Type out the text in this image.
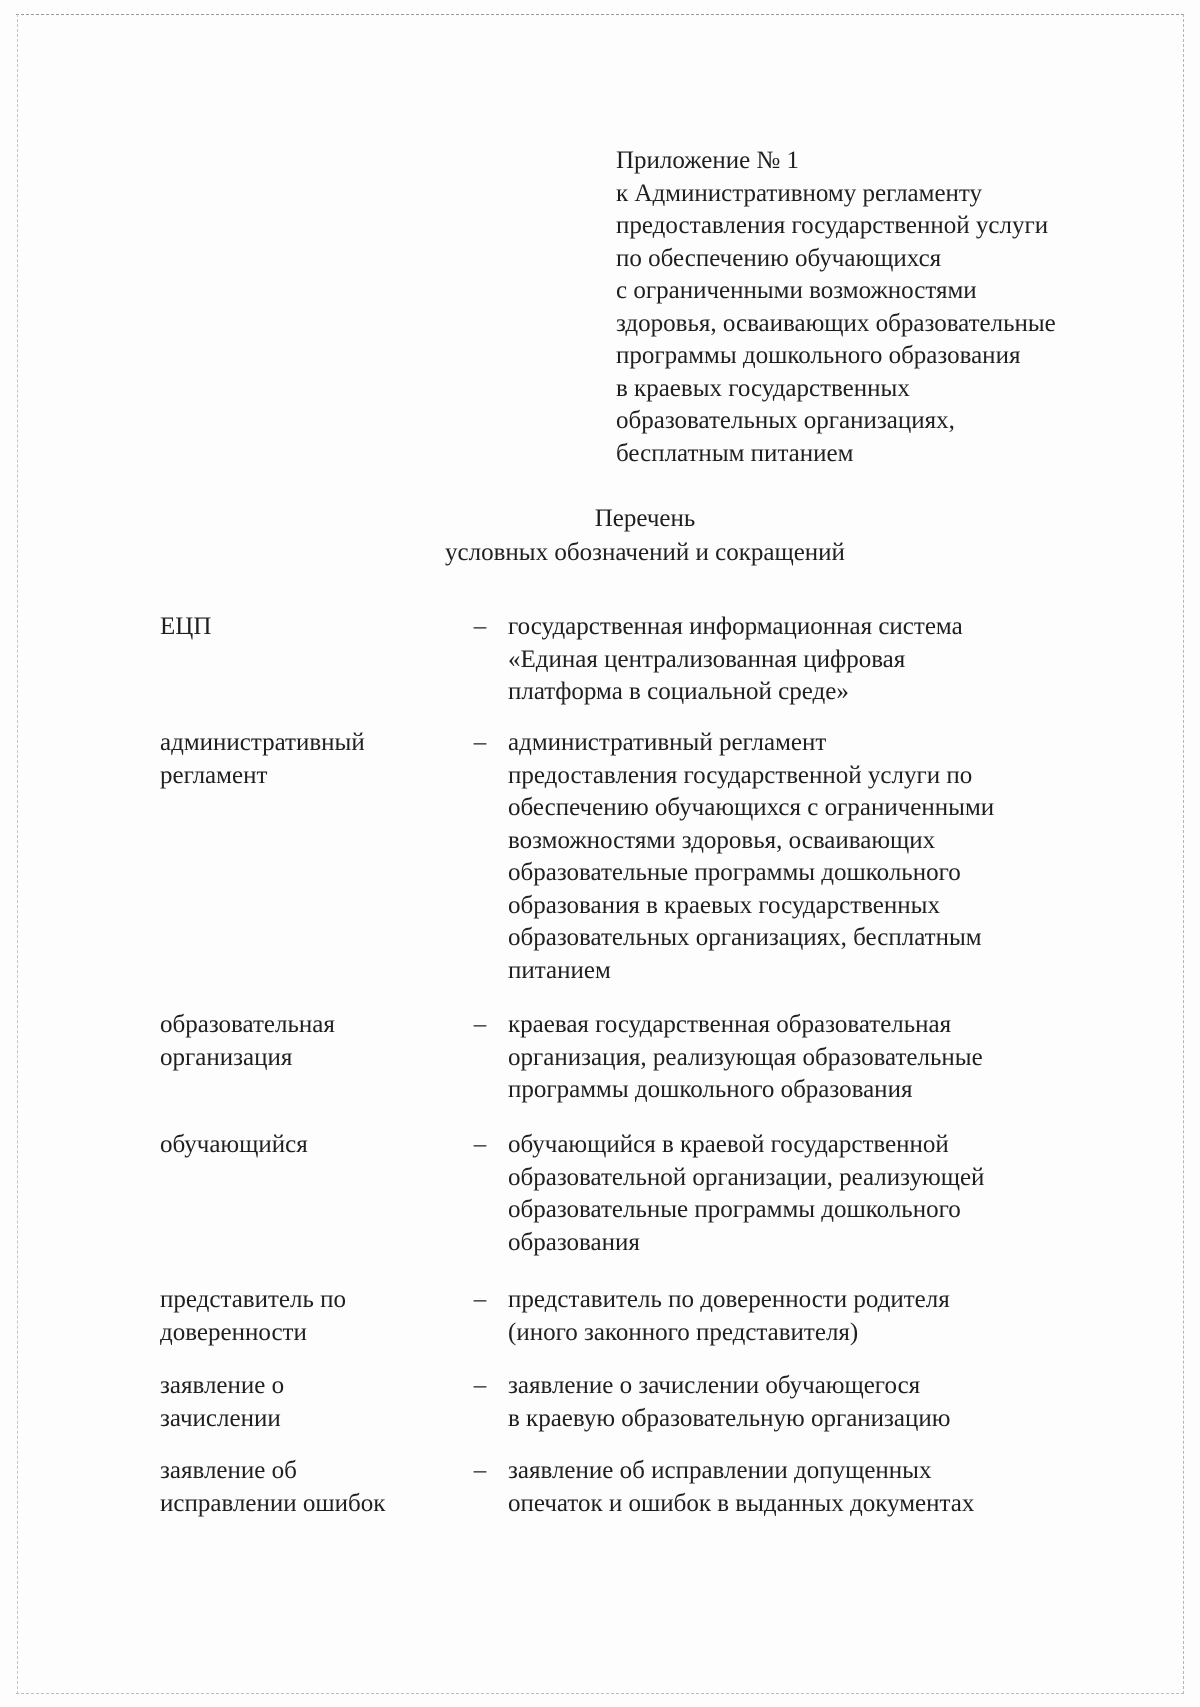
Приложение № 1
к Административному регламенту
предоставления государственной услуги
по обеспечению обучающихся
с ограниченными возможностями
здоровья, осваивающих образовательные
программы дошкольного образования
в краевых государственных
образовательных организациях,
бесплатным питанием
Перечень
условных обозначений и сокращений
ЕЦП	– государственная информационная система
«Единая централизованная цифровая
платформа в социальной среде»
административный
регламент
– административный регламент
предоставления государственной услуги по
обеспечению обучающихся с ограниченными
возможностями здоровья, осваивающих
образовательные программы дошкольного
образования в краевых государственных
образовательных организациях, бесплатным
питанием
образовательная
организация
– краевая государственная образовательная
организация, реализующая образовательные
программы дошкольного образования
обучающийся	– обучающийся в краевой государственной
образовательной организации, реализующей
образовательные программы дошкольного
образования
представитель по
доверенности
– представитель по доверенности родителя
(иного законного представителя)
заявление о
зачислении
– заявление о зачислении обучающегося
в краевую образовательную организацию
заявление об
исправлении ошибок
– заявление об исправлении допущенных
опечаток и ошибок в выданных документах
